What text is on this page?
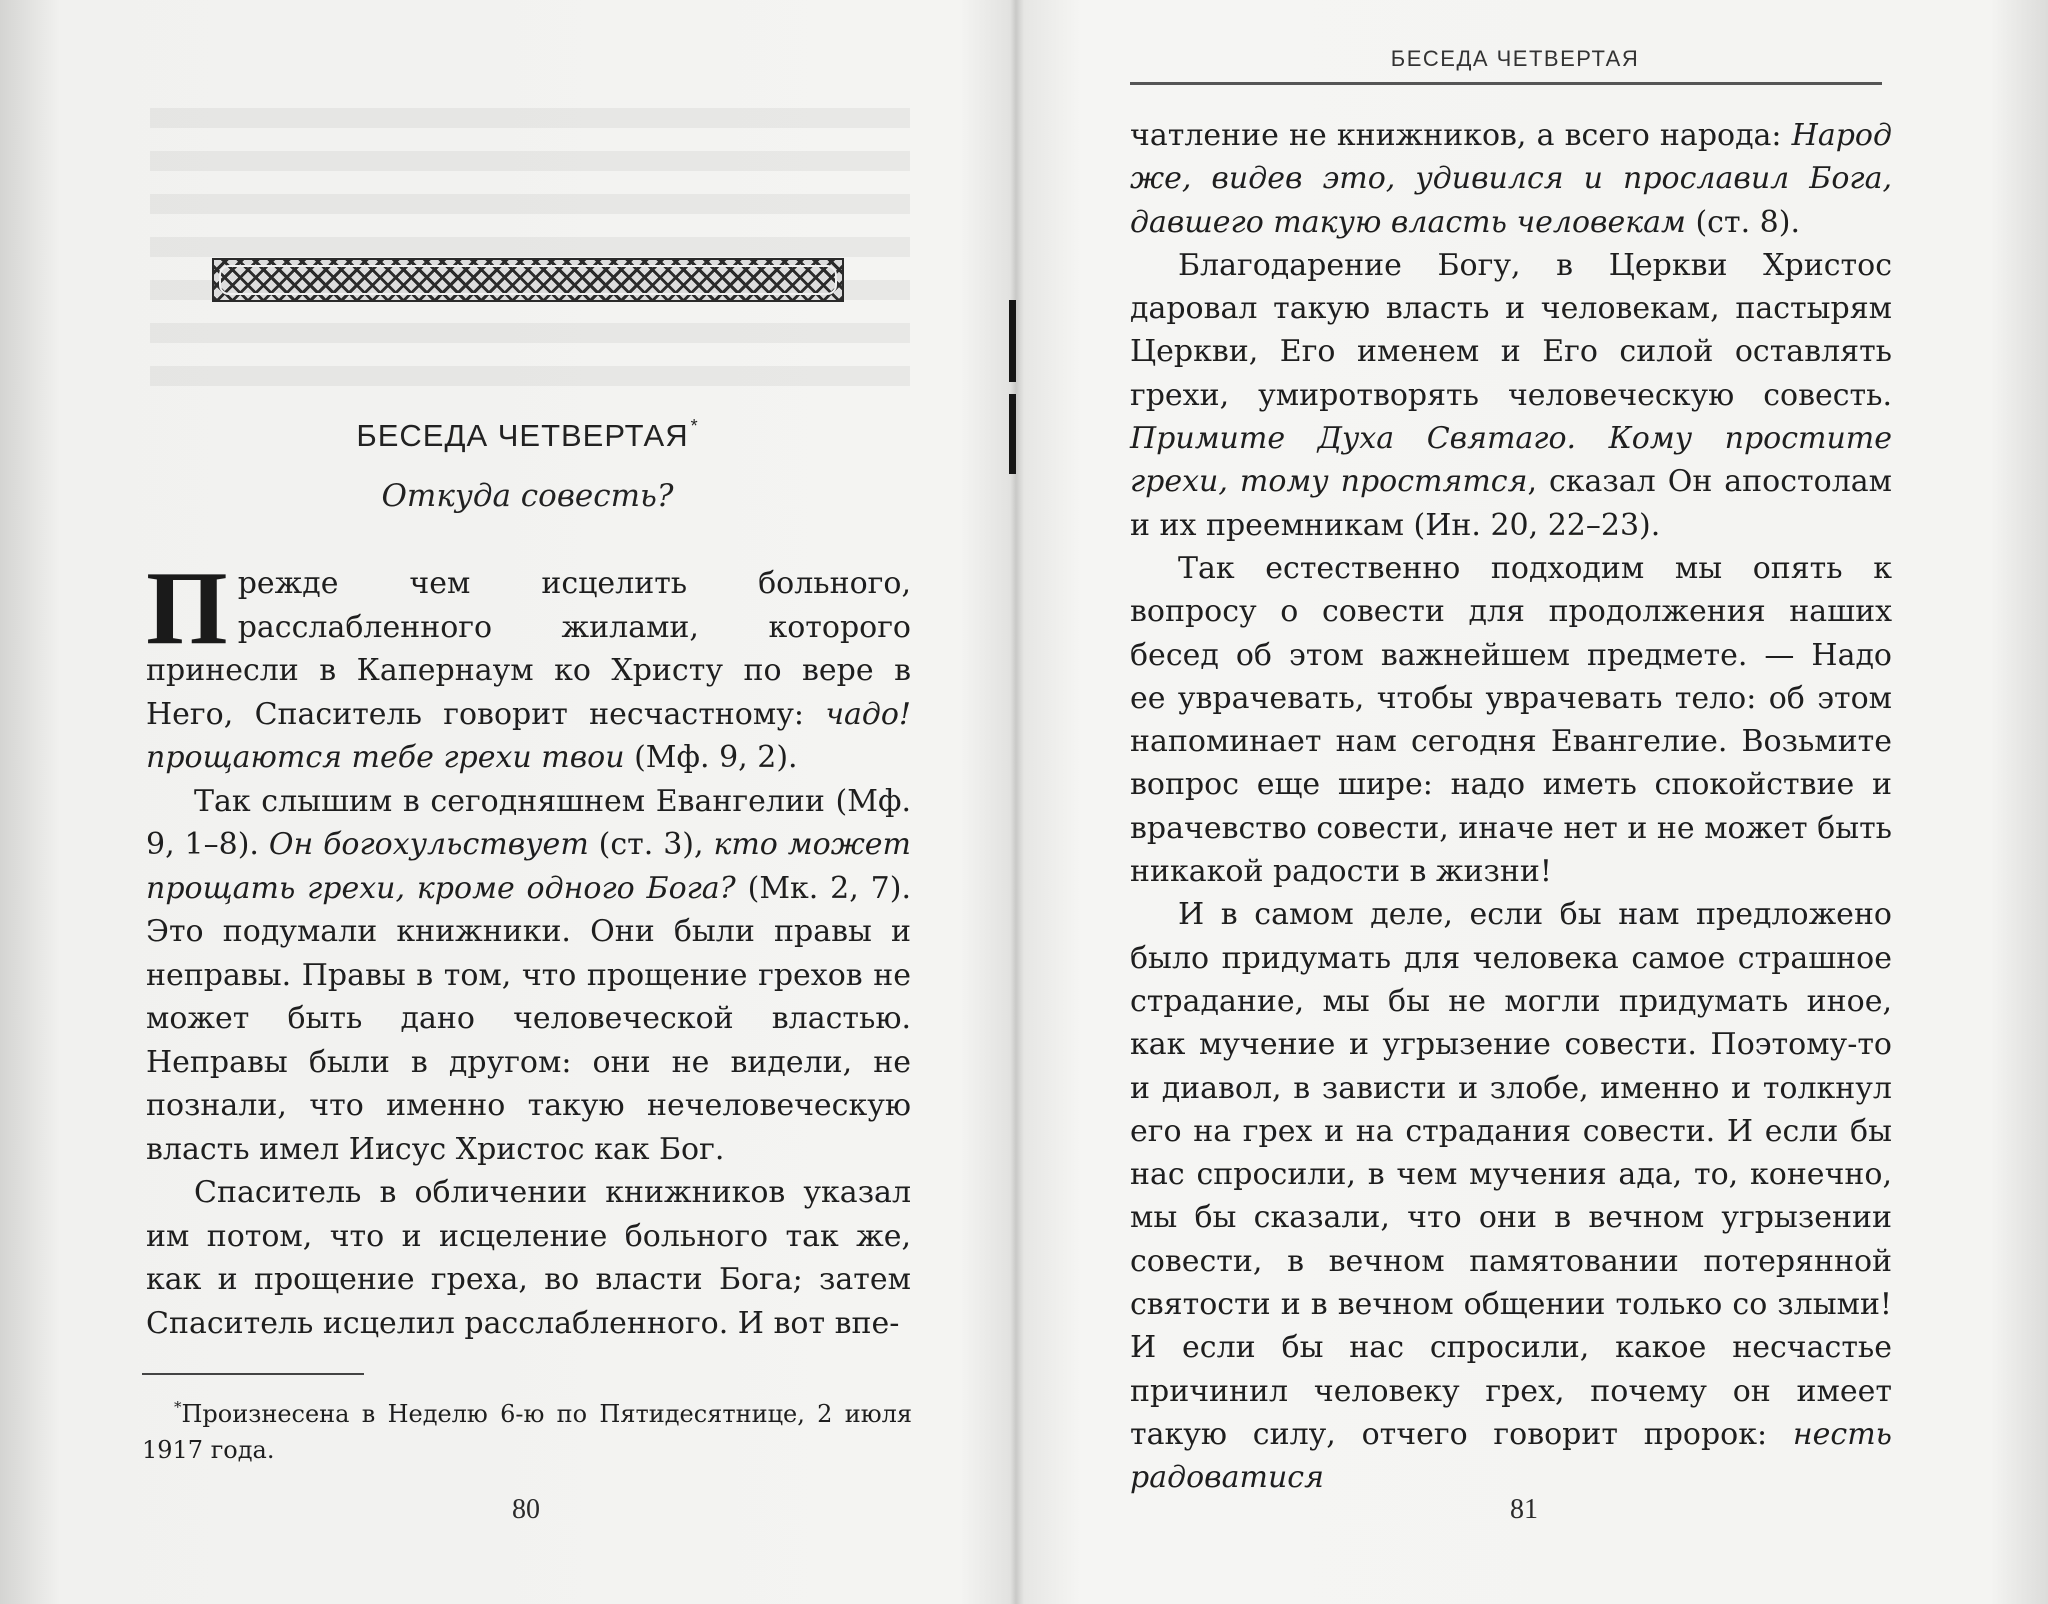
БЕСЕДА ЧЕТВЕРТАЯ *
Откуда совесть?

Прежде чем исцелить больного, расслабленного жилами, которого принесли в Капернаум ко Христу по вере в Него, Спаситель говорит несчастному: чадо! прощаются тебе грехи твои (Мф. 9, 2).

Так слышим в сегодняшнем Евангелии (Мф. 9, 1–8). Он богохульствует (ст. 3), кто может прощать грехи, кроме одного Бога? (Мк. 2, 7). Это подумали книжники. Они были правы и неправы. Правы в том, что прощение грехов не может быть дано человеческой властью. Неправы были в другом: они не видели, не познали, что именно такую нечеловеческую власть имел Иисус Христос как Бог.

Спаситель в обличении книжников указал им потом, что и исцеление больного так же, как и прощение греха, во власти Бога; затем Спаситель исцелил расслабленного. И вот впе-

*Произнесена в Неделю 6-ю по Пятидесятнице, 2 июля 1917 года.

80
БЕСЕДА ЧЕТВЕРТАЯ

чатление не книжников, а всего народа: Народ же, видев это, удивился и прославил Бога, давшего такую власть человекам (ст. 8).

Благодарение Богу, в Церкви Христос даровал такую власть и человекам, пастырям Церкви, Его именем и Его силой оставлять грехи, умиротворять человеческую совесть. Примите Духа Святаго. Кому простите грехи, тому простятся, сказал Он апостолам и их преемникам (Ин. 20, 22–23).

Так естественно подходим мы опять к вопросу о совести для продолжения наших бесед об этом важнейшем предмете. — Надо ее уврачевать, чтобы уврачевать тело: об этом напоминает нам сегодня Евангелие. Возьмите вопрос еще шире: надо иметь спокойствие и врачевство совести, иначе нет и не может быть никакой радости в жизни!

И в самом деле, если бы нам предложено было придумать для человека самое страшное страдание, мы бы не могли придумать иное, как мучение и угрызение совести. Поэтому-то и диавол, в зависти и злобе, именно и толкнул его на грех и на страдания совести. И если бы нас спросили, в чем мучения ада, то, конечно, мы бы сказали, что они в вечном угрызении совести, в вечном памятовании потерянной святости и в вечном общении только со злыми! И если бы нас спросили, какое несчастье причинил человеку грех, почему он имеет такую силу, отчего говорит пророк: несть радоватися

81
